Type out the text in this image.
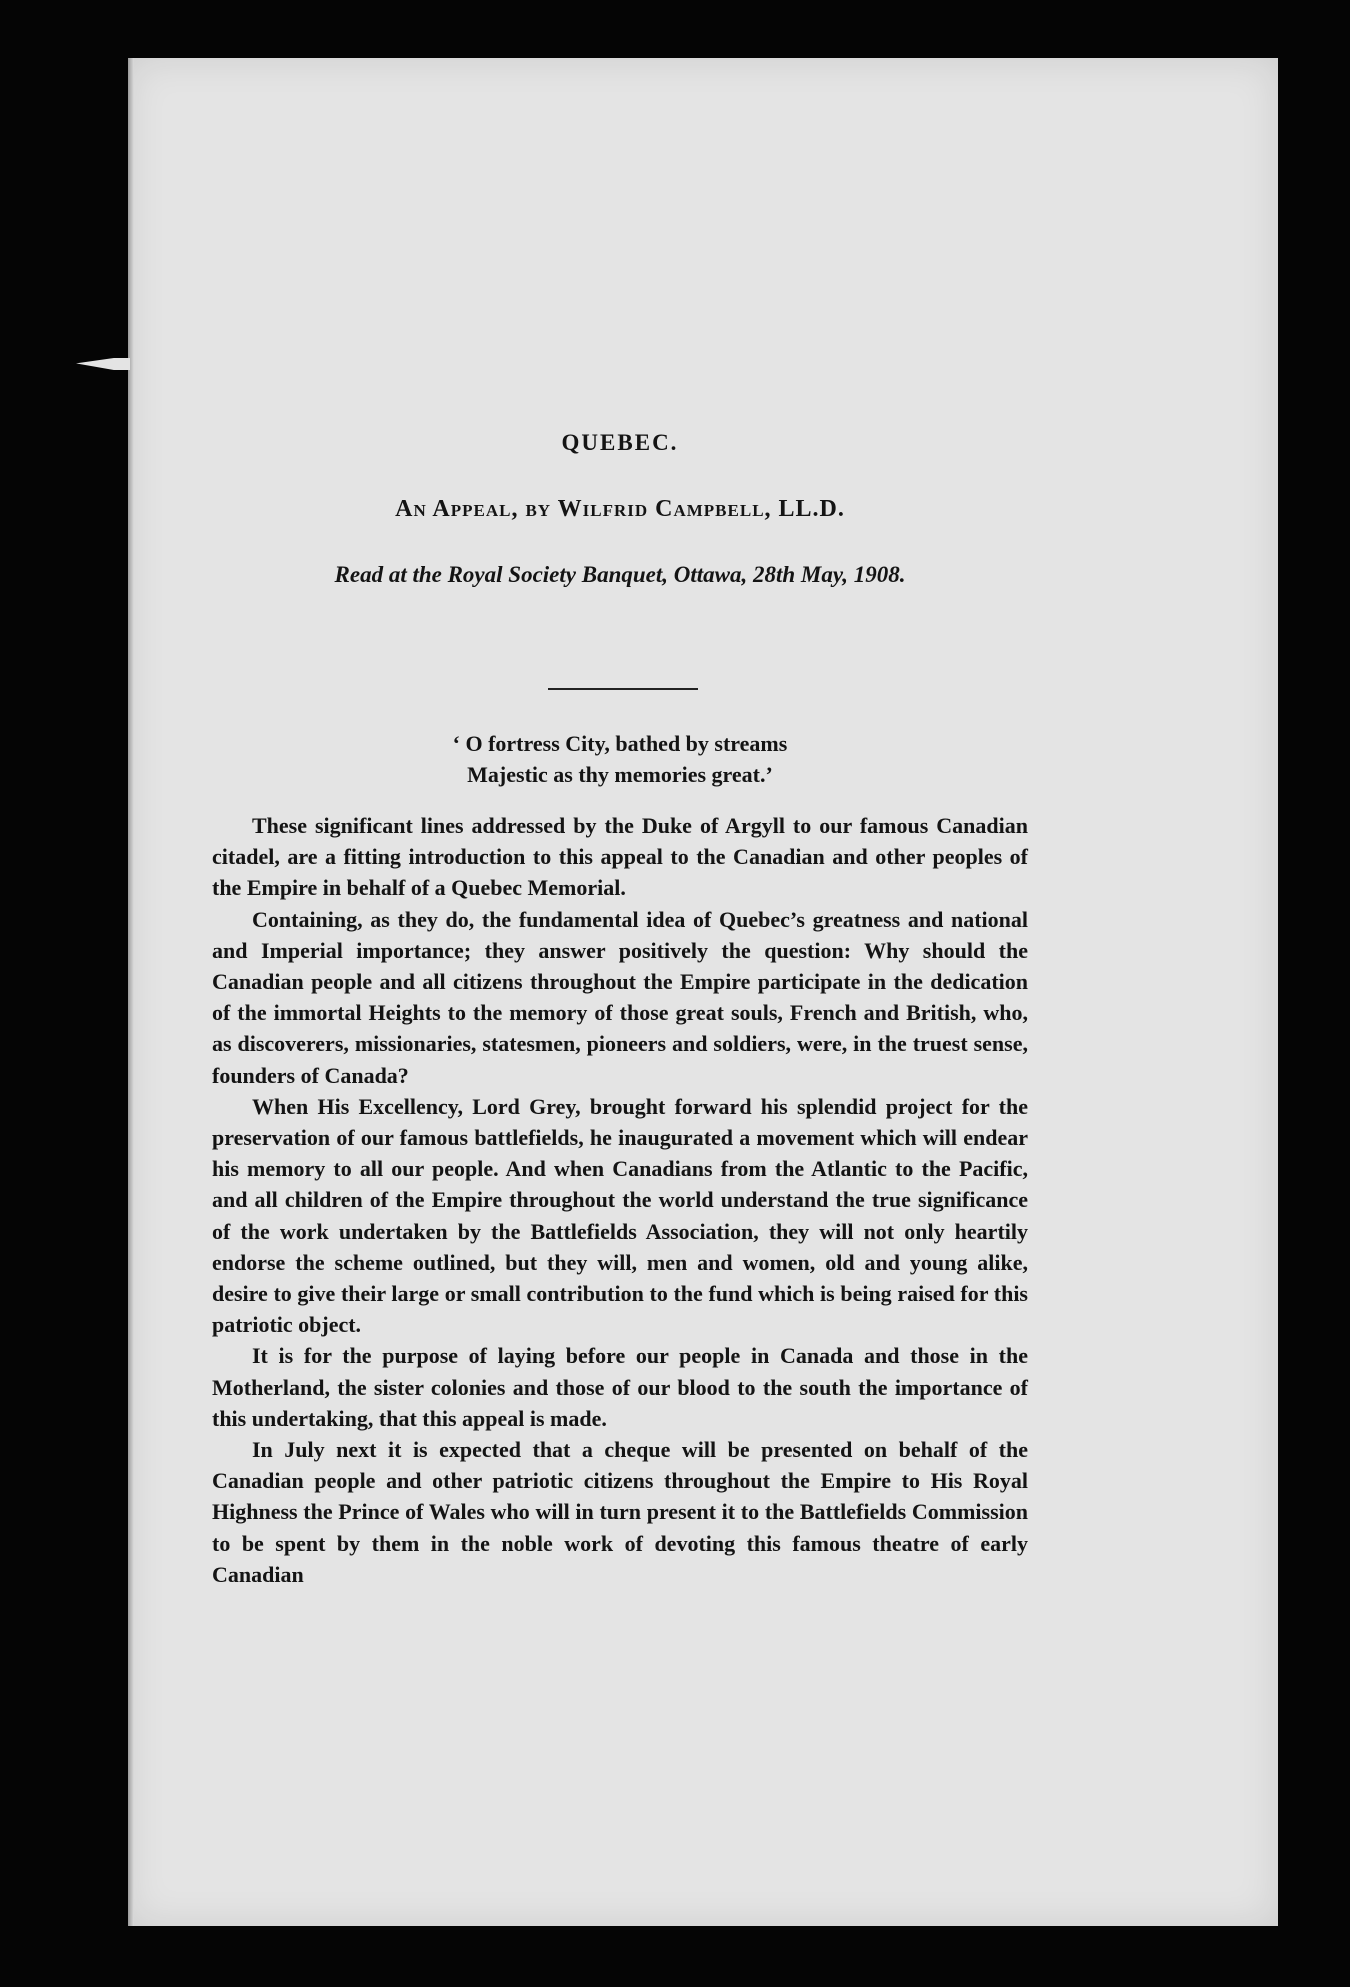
QUEBEC.
An Appeal, by Wilfrid Campbell, LL.D.
Read at the Royal Society Banquet, Ottawa, 28th May, 1908.
‘ O fortress City, bathed by streams
Majestic as thy memories great.’

These significant lines addressed by the Duke of Argyll to our famous Canadian citadel, are a fitting introduction to this appeal to the Canadian and other peoples of the Empire in behalf of a Quebec Memorial.

Containing, as they do, the fundamental idea of Quebec’s greatness and national and Imperial importance; they answer positively the question: Why should the Canadian people and all citizens throughout the Empire participate in the dedication of the immortal Heights to the memory of those great souls, French and British, who, as discoverers, missionaries, statesmen, pioneers and soldiers, were, in the truest sense, founders of Canada?

When His Excellency, Lord Grey, brought forward his splendid project for the preservation of our famous battlefields, he inaugurated a movement which will endear his memory to all our people. And when Canadians from the Atlantic to the Pacific, and all children of the Empire throughout the world understand the true significance of the work undertaken by the Battlefields Association, they will not only heartily endorse the scheme outlined, but they will, men and women, old and young alike, desire to give their large or small contribution to the fund which is being raised for this patriotic object.

It is for the purpose of laying before our people in Canada and those in the Motherland, the sister colonies and those of our blood to the south the importance of this undertaking, that this appeal is made.

In July next it is expected that a cheque will be presented on behalf of the Canadian people and other patriotic citizens throughout the Empire to His Royal Highness the Prince of Wales who will in turn present it to the Battlefields Commission to be spent by them in the noble work of devoting this famous theatre of early Canadian
